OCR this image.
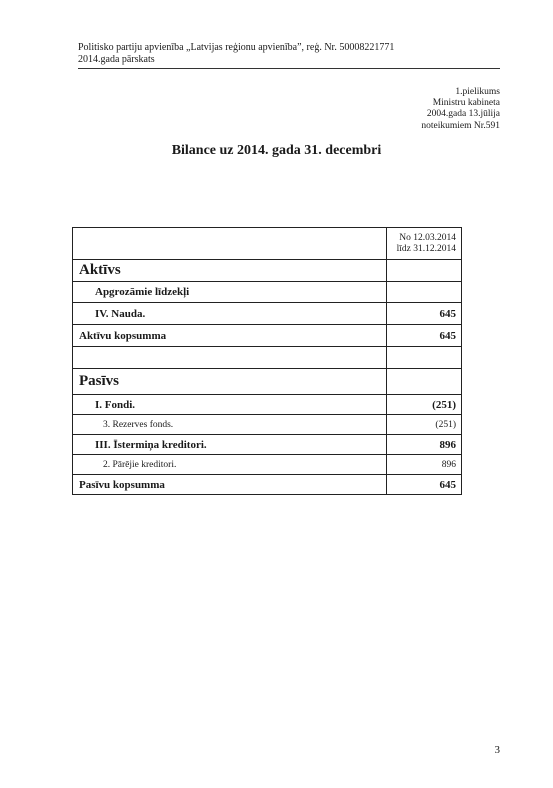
Politisko partiju apvienība „Latvijas reģionu apvienība”, reģ. Nr. 50008221771
2014.gada pārskats
1.pielikums
Ministru kabineta
2004.gada 13.jūlija
noteikumiem Nr.591
Bilance uz 2014. gada 31. decembri

	No 12.03.2014
līdz 31.12.2014

Aktīvs	
Apgrozāmie līdzekļi	
IV. Nauda.	645
Aktīvu kopsumma	645

Pasīvs	
I. Fondi.	(251)
3. Rezerves fonds.	(251)
III. Īstermiņa kreditori.	896
2. Pārējie kreditori.	896
Pasīvu kopsumma	645
3
